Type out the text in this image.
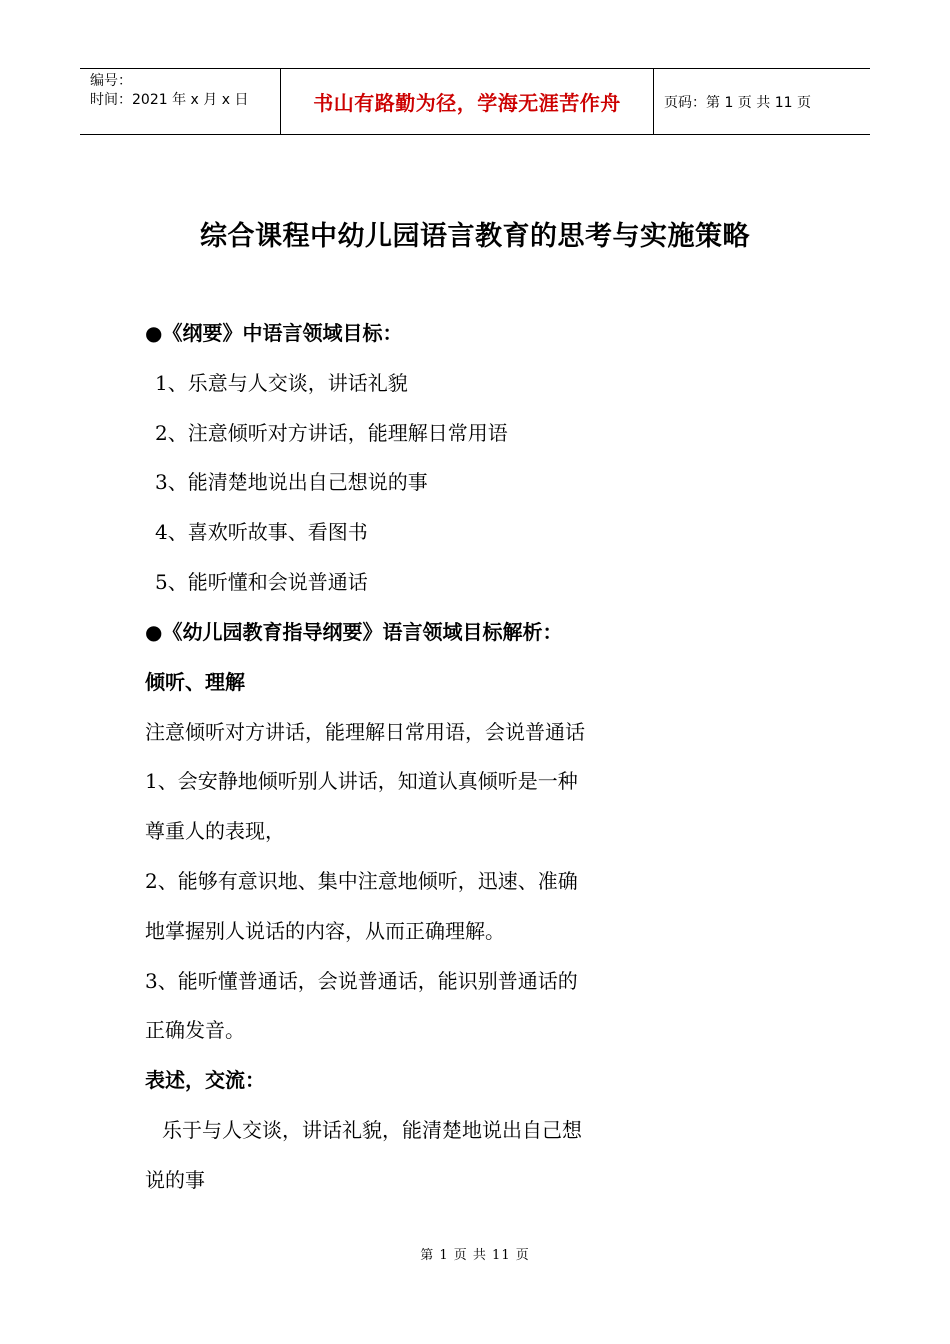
编号：
时间：2021 年 x 月 x 日	书山有路勤为径，学海无涯苦作舟	页码：第 1 页 共 11 页
综合课程中幼儿园语言教育的思考与实施策略
●《纲要》中语言领域目标：
1、乐意与人交谈，讲话礼貌
2、注意倾听对方讲话，能理解日常用语
3、能清楚地说出自己想说的事
4、喜欢听故事、看图书
5、能听懂和会说普通话
●《幼儿园教育指导纲要》语言领域目标解析：
倾听、理解
注意倾听对方讲话，能理解日常用语，会说普通话
1、会安静地倾听别人讲话，知道认真倾听是一种
尊重人的表现，
2、能够有意识地、集中注意地倾听，迅速、准确
地掌握别人说话的内容，从而正确理解。
3、能听懂普通话，会说普通话，能识别普通话的
正确发音。
表述，交流：
乐于与人交谈，讲话礼貌，能清楚地说出自己想
说的事
第 1 页 共 11 页
